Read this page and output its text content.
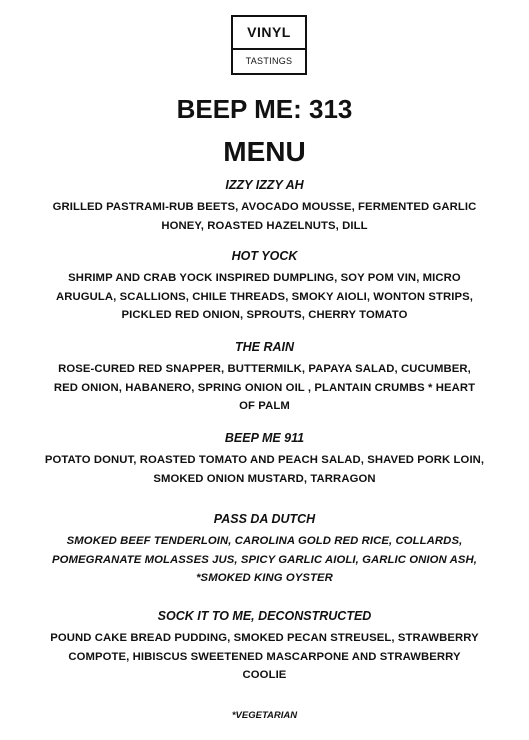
VINYL
TASTINGS
BEEP ME: 313
MENU
IZZY IZZY AH
GRILLED PASTRAMI-RUB BEETS, AVOCADO MOUSSE, FERMENTED GARLIC
HONEY, ROASTED HAZELNUTS, DILL
HOT YOCK
SHRIMP AND CRAB YOCK INSPIRED DUMPLING, SOY POM VIN, MICRO
ARUGULA, SCALLIONS, CHILE THREADS, SMOKY AIOLI, WONTON STRIPS,
PICKLED RED ONION, SPROUTS, CHERRY TOMATO
THE RAIN
ROSE-CURED RED SNAPPER, BUTTERMILK, PAPAYA SALAD, CUCUMBER,
RED ONION, HABANERO, SPRING ONION OIL , PLANTAIN CRUMBS * HEART
OF PALM
BEEP ME 911
POTATO DONUT, ROASTED TOMATO AND PEACH SALAD, SHAVED PORK LOIN,
SMOKED ONION MUSTARD, TARRAGON
PASS DA DUTCH
SMOKED BEEF TENDERLOIN, CAROLINA GOLD RED RICE, COLLARDS,
POMEGRANATE MOLASSES JUS, SPICY GARLIC AIOLI, GARLIC ONION ASH,
*SMOKED KING OYSTER
SOCK IT TO ME, DECONSTRUCTED
POUND CAKE BREAD PUDDING, SMOKED PECAN STREUSEL, STRAWBERRY
COMPOTE, HIBISCUS SWEETENED MASCARPONE AND STRAWBERRY
COOLIE
*VEGETARIAN
